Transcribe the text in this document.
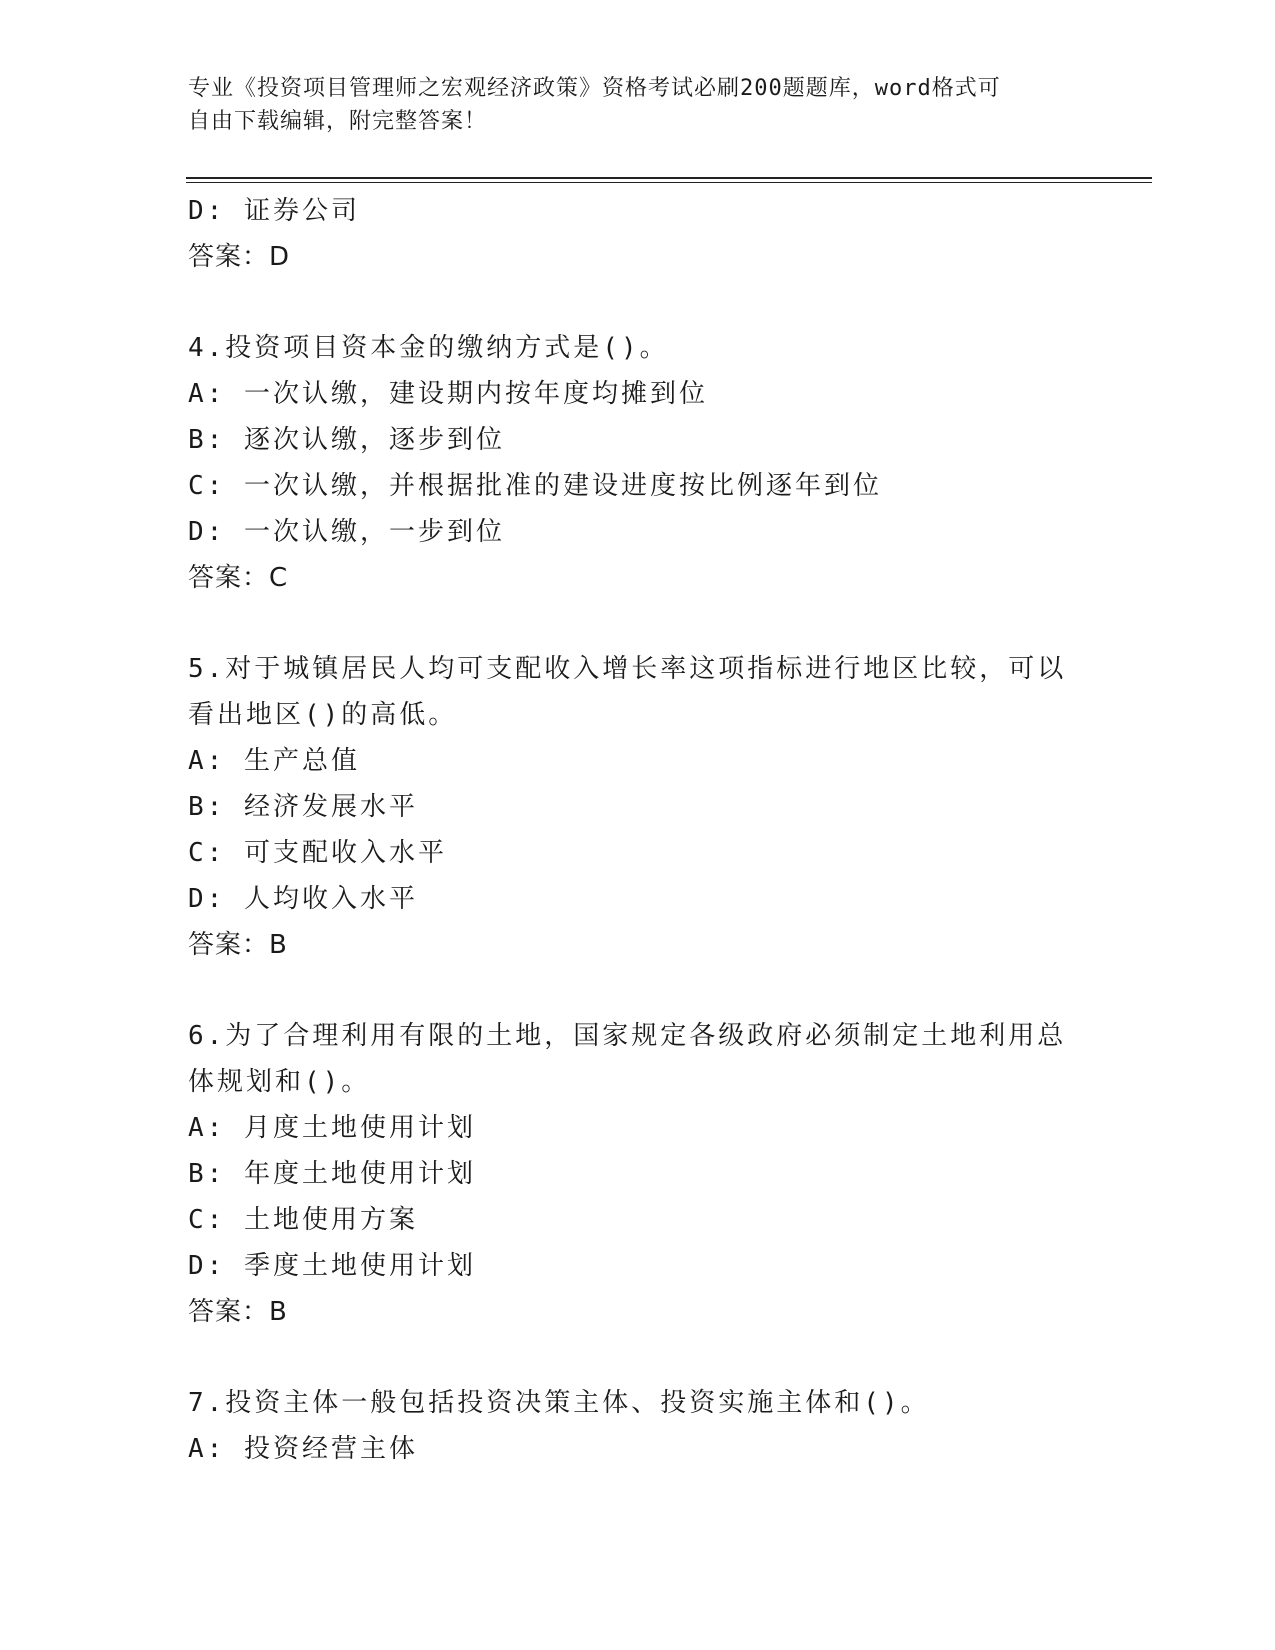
专业《投资项目管理师之宏观经济政策》资格考试必刷200题题库，word格式可
自由下载编辑，附完整答案！
D: 证券公司
答案：D
4.投资项目资本金的缴纳方式是()。
A: 一次认缴，建设期内按年度均摊到位
B: 逐次认缴，逐步到位
C: 一次认缴，并根据批准的建设进度按比例逐年到位
D: 一次认缴，一步到位
答案：C
5.对于城镇居民人均可支配收入增长率这项指标进行地区比较，可以看出地区()的高低。
A: 生产总值
B: 经济发展水平
C: 可支配收入水平
D: 人均收入水平
答案：B
6.为了合理利用有限的土地，国家规定各级政府必须制定土地利用总体规划和()。
A: 月度土地使用计划
B: 年度土地使用计划
C: 土地使用方案
D: 季度土地使用计划
答案：B
7.投资主体一般包括投资决策主体、投资实施主体和()。
A: 投资经营主体
